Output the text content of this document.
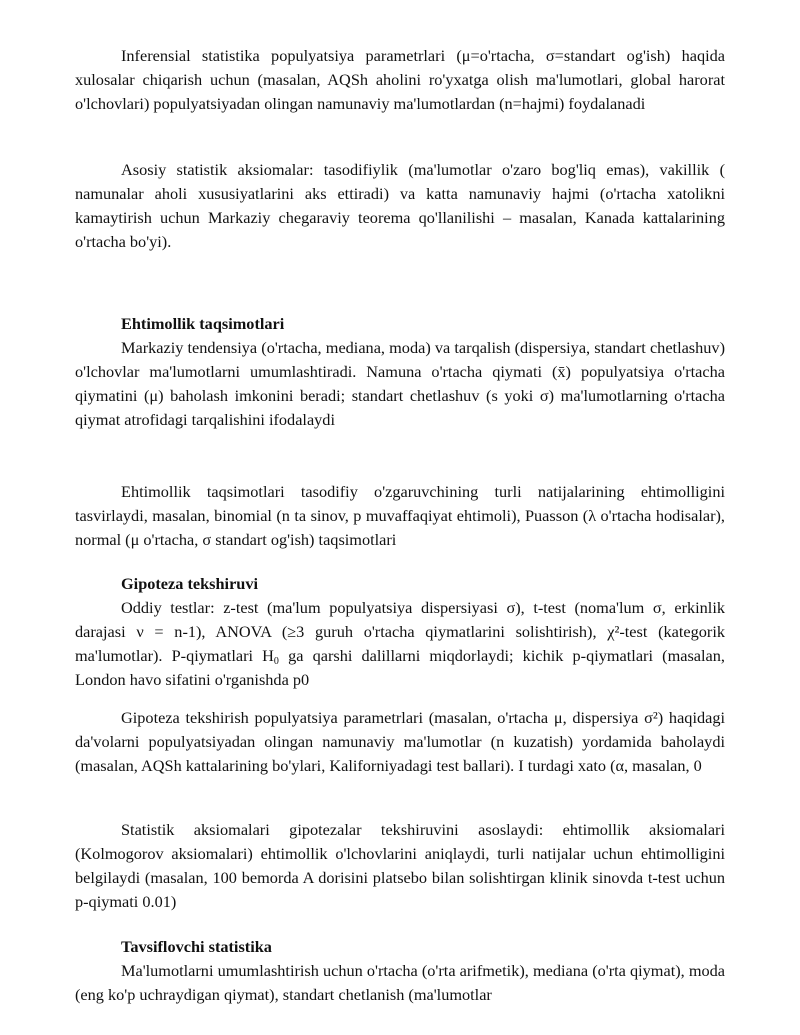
Inferensial statistika populyatsiya parametrlari (μ=o'rtacha, σ=standart og'ish) haqida xulosalar chiqarish uchun (masalan, AQSh aholini ro'yxatga olish ma'lumotlari, global harorat o'lchovlari) populyatsiyadan olingan namunaviy ma'lumotlardan (n=hajmi) foydalanadi

Asosiy statistik aksiomalar: tasodifiylik (ma'lumotlar o'zaro bog'liq emas), vakillik ( namunalar aholi xususiyatlarini aks ettiradi) va katta namunaviy hajmi (o'rtacha xatolikni kamaytirish uchun Markaziy chegaraviy teorema qo'llanilishi – masalan, Kanada kattalarining o'rtacha bo'yi).

Ehtimollik taqsimotlari

Markaziy tendensiya (o'rtacha, mediana, moda) va tarqalish (dispersiya, standart chetlashuv) o'lchovlar ma'lumotlarni umumlashtiradi. Namuna o'rtacha qiymati (x̄) populyatsiya o'rtacha qiymatini (μ) baholash imkonini beradi; standart chetlashuv (s yoki σ) ma'lumotlarning o'rtacha qiymat atrofidagi tarqalishini ifodalaydi

Ehtimollik taqsimotlari tasodifiy o'zgaruvchining turli natijalarining ehtimolligini tasvirlaydi, masalan, binomial (n ta sinov, p muvaffaqiyat ehtimoli), Puasson (λ o'rtacha hodisalar), normal (μ o'rtacha, σ standart og'ish) taqsimotlari

Gipoteza tekshiruvi

Oddiy testlar: z-test (ma'lum populyatsiya dispersiyasi σ), t-test (noma'lum σ, erkinlik darajasi ν = n-1), ANOVA (≥3 guruh o'rtacha qiymatlarini solishtirish), χ²-test (kategorik ma'lumotlar). P-qiymatlari $H_0$ ga qarshi dalillarni miqdorlaydi; kichik p-qiymatlari (masalan, London havo sifatini o'rganishda p0

Gipoteza tekshirish populyatsiya parametrlari (masalan, o'rtacha μ, dispersiya σ²) haqidagi da'volarni populyatsiyadan olingan namunaviy ma'lumotlar (n kuzatish) yordamida baholaydi (masalan, AQSh kattalarining bo'ylari, Kaliforniyadagi test ballari). I turdagi xato (α, masalan, 0

Statistik aksiomalari gipotezalar tekshiruvini asoslaydi: ehtimollik aksiomalari (Kolmogorov aksiomalari) ehtimollik o'lchovlarini aniqlaydi, turli natijalar uchun ehtimolligini belgilaydi (masalan, 100 bemorda A dorisini platsebo bilan solishtirgan klinik sinovda t-test uchun p-qiymati 0.01)

Tavsiflovchi statistika

Ma'lumotlarni umumlashtirish uchun o'rtacha (o'rta arifmetik), mediana (o'rta qiymat), moda (eng ko'p uchraydigan qiymat), standart chetlanish (ma'lumotlar
